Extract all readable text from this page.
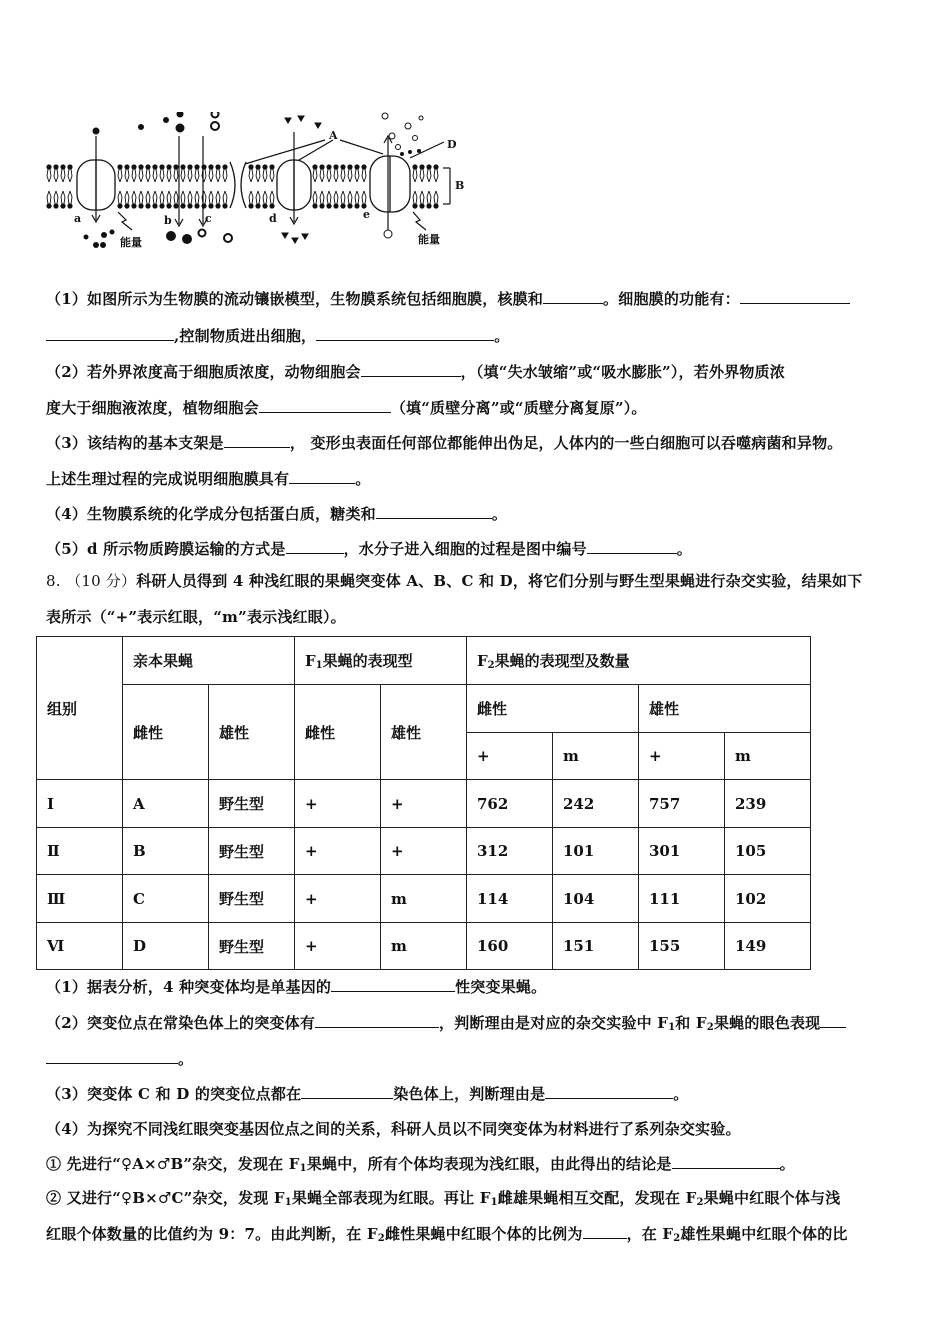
A
D
B
a	b	c	d	e
能量	能量
（1）如图所示为生物膜的流动镶嵌模型，生物膜系统包括细胞膜，核膜和	。细胞膜的功能有：
,控制物质进出细胞，	。
（2）若外界浓度高于细胞质浓度，动物细胞会	，（填“失水皱缩”或“吸水膨胀”），若外界物质浓
度大于细胞液浓度，植物细胞会	（填“质壁分离”或“质壁分离复原”）。
（3）该结构的基本支架是	， 变形虫表面任何部位都能伸出伪足，人体内的一些白细胞可以吞噬病菌和异物。
上述生理过程的完成说明细胞膜具有	。
（4）生物膜系统的化学成分包括蛋白质，糖类和	。
（5）d 所示物质跨膜运输的方式是	，水分子进入细胞的过程是图中编号	。
8. （10 分）科研人员得到 4 种浅红眼的果蝇突变体 A、B、C 和 D，将它们分别与野生型果蝇进行杂交实验，结果如下
表所示（“+”表示红眼，“m”表示浅红眼）。
组别	亲本果蝇		$F_1$果蝇的表现型		$F_2$果蝇的表现型及数量			
	雌性	雄性	雌性	雄性	雌性		雄性	
					+	m	+	m
Ⅰ	A	野生型	+	+	762	242	757	239
Ⅱ	B	野生型	+	+	312	101	301	105
Ⅲ	C	野生型	+	m	114	104	111	102
Ⅵ	D	野生型	+	m	160	151	155	149
（1）据表分析，4 种突变体均是单基因的	性突变果蝇。
（2）突变位点在常染色体上的突变体有	，判断理由是对应的杂交实验中 $F_1$和 $F_2$果蝇的眼色表现
。
（3）突变体 C 和 D 的突变位点都在	染色体上，判断理由是	。
（4）为探究不同浅红眼突变基因位点之间的关系，科研人员以不同突变体为材料进行了系列杂交实验。
① 先进行“♀A×♂B”杂交，发现在 $F_1$果蝇中，所有个体均表现为浅红眼，由此得出的结论是	。
② 又进行“♀B×♂C”杂交，发现 $F_1$果蝇全部表现为红眼。再让 $F_1$雌雄果蝇相互交配，发现在 $F_2$果蝇中红眼个体与浅
红眼个体数量的比值约为 9：7。由此判断，在 $F_2$雌性果蝇中红眼个体的比例为	，在 $F_2$雄性果蝇中红眼个体的比
